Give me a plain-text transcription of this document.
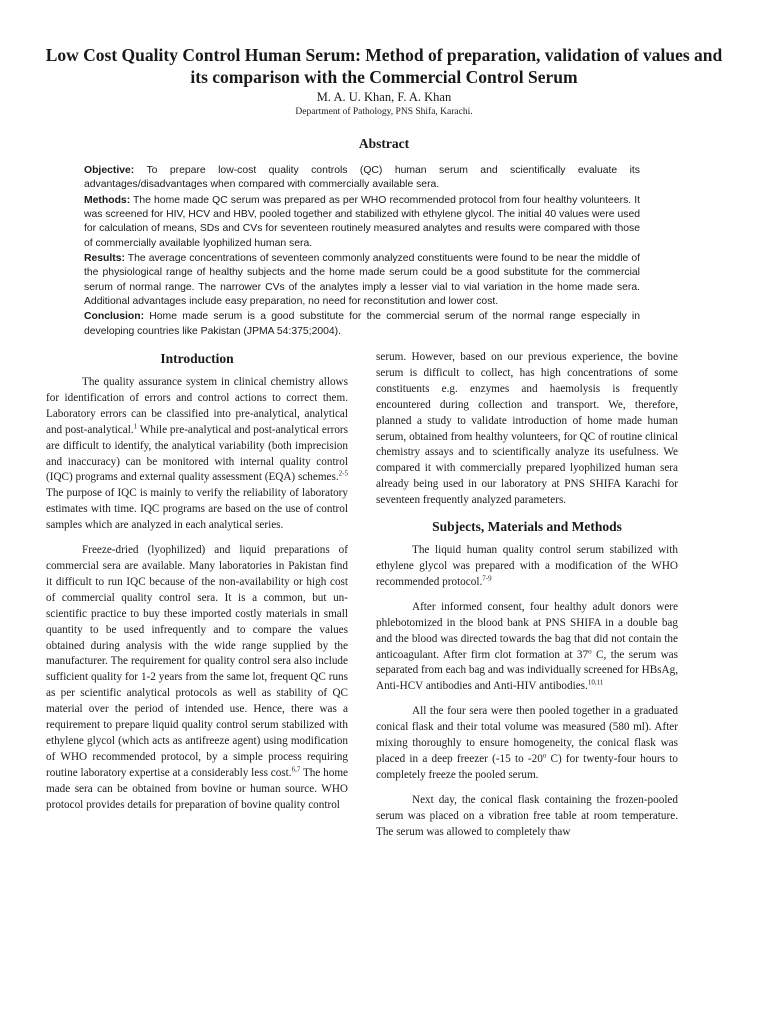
Low Cost Quality Control Human Serum: Method of preparation, validation of values and its comparison with the Commercial Control Serum
M. A. U. Khan, F. A. Khan
Department of Pathology, PNS Shifa, Karachi.
Abstract

Objective: To prepare low-cost quality controls (QC) human serum and scientifically evaluate its advantages/disadvantages when compared with commercially available sera.

Methods: The home made QC serum was prepared as per WHO recommended protocol from four healthy volunteers. It was screened for HIV, HCV and HBV, pooled together and stabilized with ethylene glycol. The initial 40 values were used for calculation of means, SDs and CVs for seventeen routinely measured analytes and results were compared with those of commercially available lyophilized human sera.

Results: The average concentrations of seventeen commonly analyzed constituents were found to be near the middle of the physiological range of healthy subjects and the home made serum could be a good substitute for the commercial serum of normal range. The narrower CVs of the analytes imply a lesser vial to vial variation in the home made sera. Additional advantages include easy preparation, no need for reconstitution and lower cost.

Conclusion: Home made serum is a good substitute for the commercial serum of the normal range especially in developing countries like Pakistan (JPMA 54:375;2004).

Introduction

The quality assurance system in clinical chemistry allows for identification of errors and control actions to correct them. Laboratory errors can be classified into pre-analytical, analytical and post-analytical.$^1$ While pre-analytical and post-analytical errors are difficult to identify, the analytical variability (both imprecision and inaccuracy) can be monitored with internal quality control (IQC) programs and external quality assessment (EQA) schemes.$^{2-5}$ The purpose of IQC is mainly to verify the reliability of laboratory estimates with time. IQC programs are based on the use of control samples which are analyzed in each analytical series.

Freeze-dried (lyophilized) and liquid preparations of commercial sera are available. Many laboratories in Pakistan find it difficult to run IQC because of the non-availability or high cost of commercial quality control sera. It is a common, but un-scientific practice to buy these imported costly materials in small quantity to be used infrequently and to compare the values obtained during analysis with the wide range supplied by the manufacturer. The requirement for quality control sera also include sufficient quality for 1-2 years from the same lot, frequent QC runs as per scientific analytical protocols as well as stability of QC material over the period of intended use. Hence, there was a requirement to prepare liquid quality control serum stabilized with ethylene glycol (which acts as antifreeze agent) using modification of WHO recommended protocol, by a simple process requiring routine laboratory expertise at a considerably less cost.$^{6,7}$ The home made sera can be obtained from bovine or human source. WHO protocol provides details for preparation of bovine quality control

serum. However, based on our previous experience, the bovine serum is difficult to collect, has high concentrations of some constituents e.g. enzymes and haemolysis is frequently encountered during collection and transport. We, therefore, planned a study to validate introduction of home made human serum, obtained from healthy volunteers, for QC of routine clinical chemistry assays and to scientifically analyze its usefulness. We compared it with commercially prepared lyophilized human sera already being used in our laboratory at PNS SHIFA Karachi for seventeen frequently analyzed parameters.

Subjects, Materials and Methods

The liquid human quality control serum stabilized with ethylene glycol was prepared with a modification of the WHO recommended protocol.$^{7-9}$

After informed consent, four healthy adult donors were phlebotomized in the blood bank at PNS SHIFA in a double bag and the blood was directed towards the bag that did not contain the anticoagulant. After firm clot formation at 37$^o$ C, the serum was separated from each bag and was individually screened for HBsAg, Anti-HCV antibodies and Anti-HIV antibodies.$^{10,11}$

All the four sera were then pooled together in a graduated conical flask and their total volume was measured (580 ml). After mixing thoroughly to ensure homogeneity, the conical flask was placed in a deep freezer (-15 to -20$^o$ C) for twenty-four hours to completely freeze the pooled serum.

Next day, the conical flask containing the frozen-pooled serum was placed on a vibration free table at room temperature. The serum was allowed to completely thaw
